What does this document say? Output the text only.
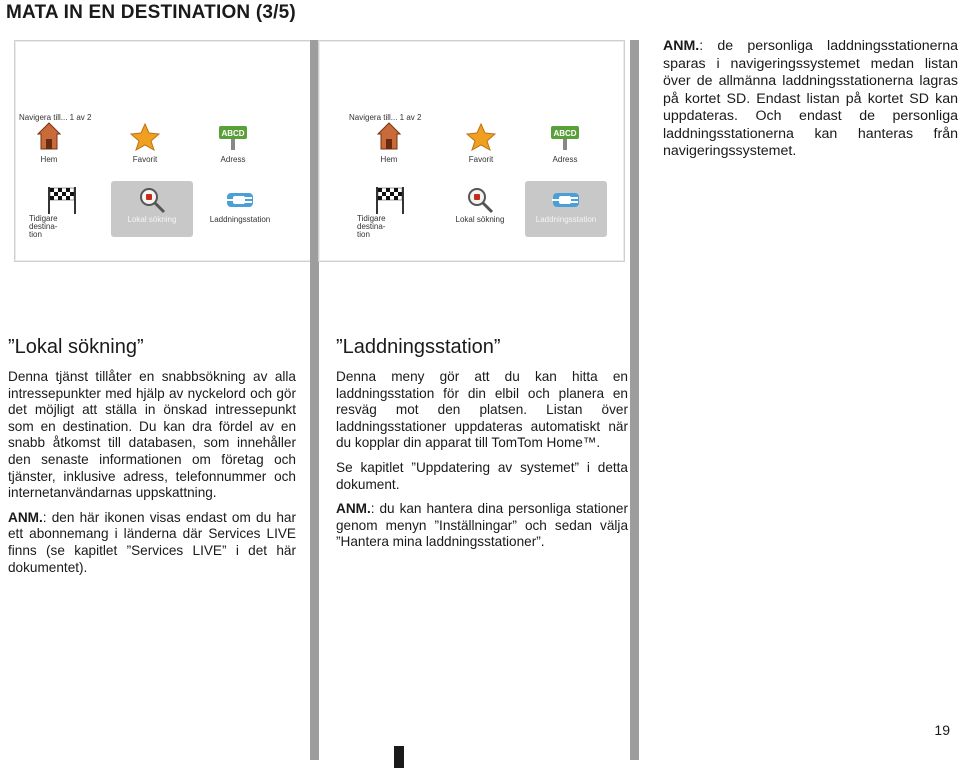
MATA IN EN DESTINATION (3/5)
Navigera till... 1 av 2
Hem	Favorit
ABCD
Adress
Tidigare
destina-
tion
Lokal sökning	Laddningsstation
Navigera till... 1 av 2
Hem	Favorit
ABCD
Adress
Tidigare
destina-
tion
Lokal sökning	Laddningsstation
ANM.: de personliga laddningsstationerna sparas i navigeringssystemet medan listan över de allmänna laddningsstationerna lagras på kortet SD. Endast listan på kortet SD kan uppdateras. Och endast de personliga laddningsstationerna kan hanteras från navigeringssystemet.

”Lokal sökning”

Denna tjänst tillåter en snabbsökning av alla intressepunkter med hjälp av nyckelord och gör det möjligt att ställa in önskad intressepunkt som en destination. Du kan dra fördel av en snabb åtkomst till databasen, som innehåller den senaste informationen om företag och tjänster, inklusive adress, telefonnummer och internetanvändarnas uppskattning.

ANM.: den här ikonen visas endast om du har ett abonnemang i länderna där Services LIVE finns (se kapitlet ”Services LIVE” i det här dokumentet).

”Laddningsstation”

Denna meny gör att du kan hitta en laddningsstation för din elbil och planera en resväg mot den platsen. Listan över laddningsstationer uppdateras automatiskt när du kopplar din apparat till TomTom Home™.

Se kapitlet ”Uppdatering av systemet” i detta dokument.

ANM.: du kan hantera dina personliga stationer genom menyn ”Inställningar” och sedan välja ”Hantera mina laddningsstationer”.

19
